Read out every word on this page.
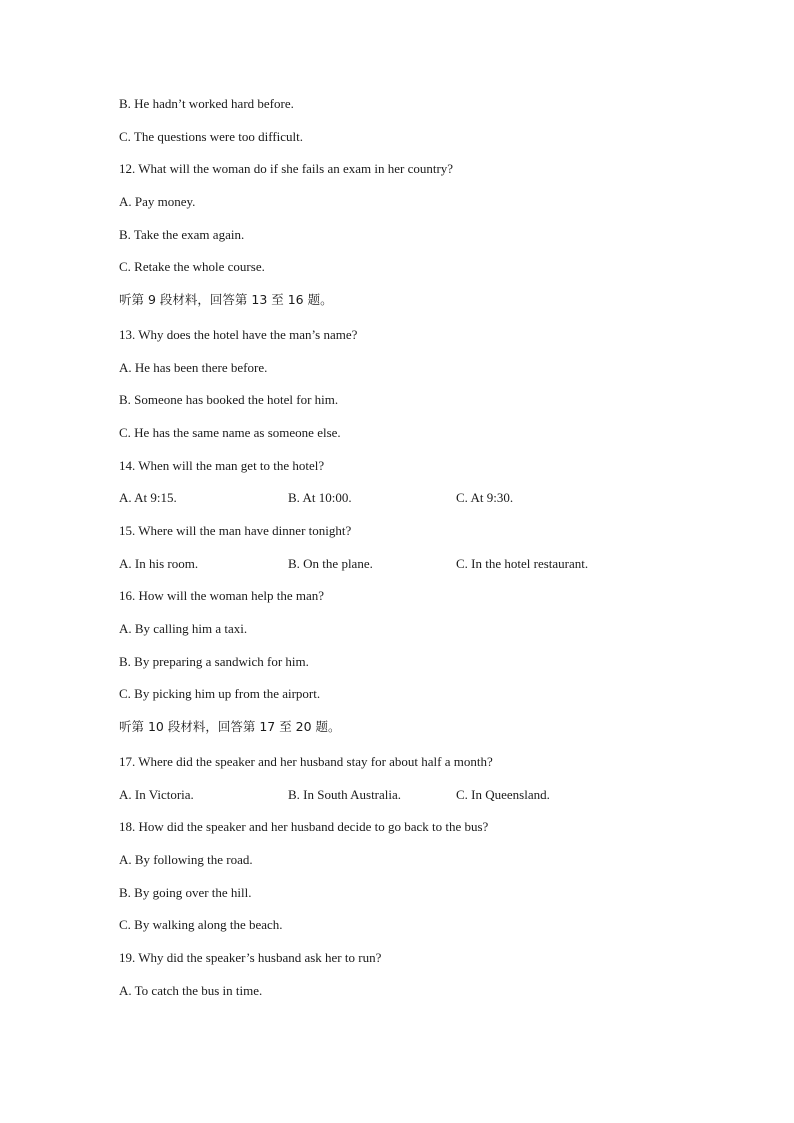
B. He hadn’t worked hard before.
C. The questions were too difficult.
12. What will the woman do if she fails an exam in her country?
A. Pay money.
B. Take the exam again.
C. Retake the whole course.
听第 9 段材料，回答第 13 至 16 题。
13. Why does the hotel have the man’s name?
A. He has been there before.
B. Someone has booked the hotel for him.
C. He has the same name as someone else.
14. When will the man get to the hotel?
A. At 9:15.	B. At 10:00.	C. At 9:30.
15. Where will the man have dinner tonight?
A. In his room.	B. On the plane.	C. In the hotel restaurant.
16. How will the woman help the man?
A. By calling him a taxi.
B. By preparing a sandwich for him.
C. By picking him up from the airport.
听第 10 段材料，回答第 17 至 20 题。
17. Where did the speaker and her husband stay for about half a month?
A. In Victoria.	B. In South Australia.	C. In Queensland.
18. How did the speaker and her husband decide to go back to the bus?
A. By following the road.
B. By going over the hill.
C. By walking along the beach.
19. Why did the speaker’s husband ask her to run?
A. To catch the bus in time.
